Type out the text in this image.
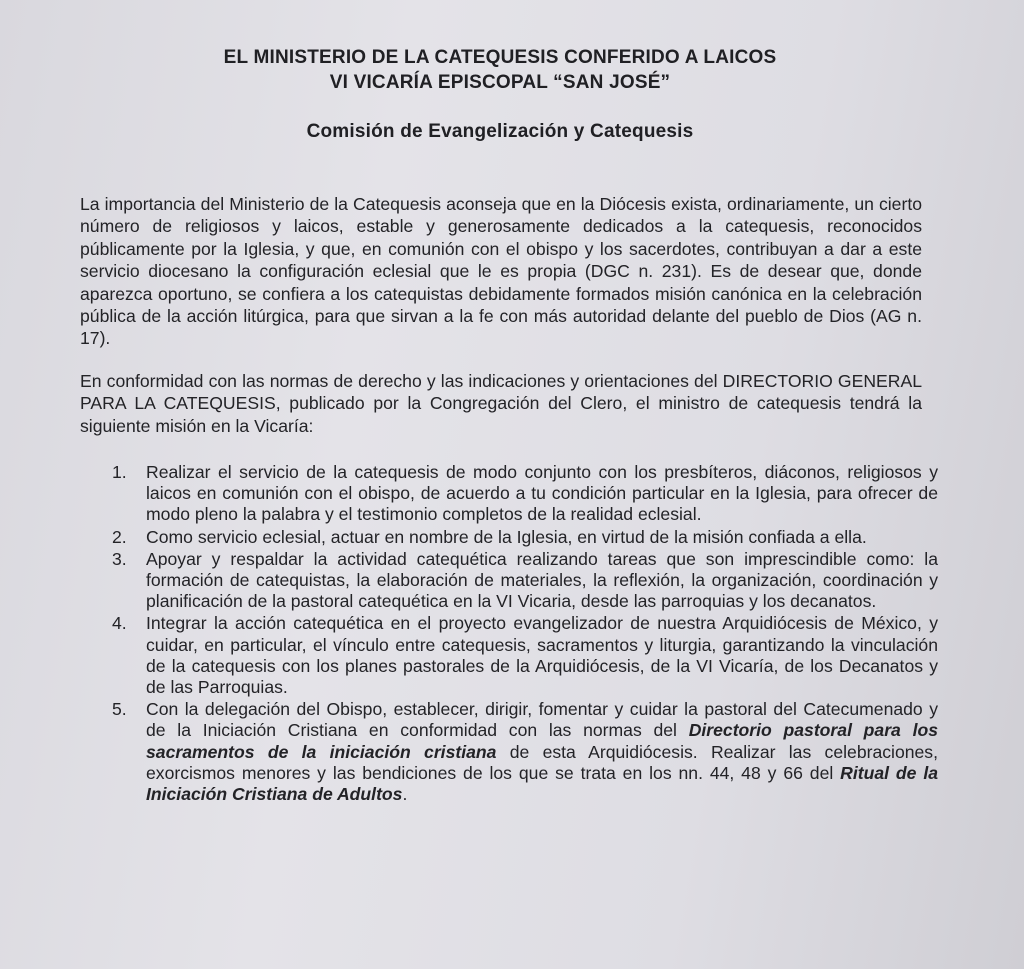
EL MINISTERIO DE LA CATEQUESIS CONFERIDO A LAICOS
VI VICARÍA EPISCOPAL “SAN JOSÉ”
Comisión de Evangelización y Catequesis
La importancia del Ministerio de la Catequesis aconseja que en la Diócesis exista, ordinariamente, un cierto número de religiosos y laicos, estable y generosamente dedicados a la catequesis, reconocidos públicamente por la Iglesia, y que, en comunión con el obispo y los sacerdotes, contribuyan a dar a este servicio diocesano la configuración eclesial que le es propia (DGC n. 231). Es de desear que, donde aparezca oportuno, se confiera a los catequistas debidamente formados misión canónica en la celebración pública de la acción litúrgica, para que sirvan a la fe con más autoridad delante del pueblo de Dios (AG n. 17).
En conformidad con las normas de derecho y las indicaciones y orientaciones del DIRECTORIO GENERAL PARA LA CATEQUESIS, publicado por la Congregación del Clero, el ministro de catequesis tendrá la siguiente misión en la Vicaría:
1. Realizar el servicio de la catequesis de modo conjunto con los presbíteros, diáconos, religiosos y laicos en comunión con el obispo, de acuerdo a tu condición particular en la Iglesia, para ofrecer de modo pleno la palabra y el testimonio completos de la realidad eclesial.
2. Como servicio eclesial, actuar en nombre de la Iglesia, en virtud de la misión confiada a ella.
3. Apoyar y respaldar la actividad catequética realizando tareas que son imprescindible como: la formación de catequistas, la elaboración de materiales, la reflexión, la organización, coordinación y planificación de la pastoral catequética en la VI Vicaria, desde las parroquias y los decanatos.
4. Integrar la acción catequética en el proyecto evangelizador de nuestra Arquidiócesis de México, y cuidar, en particular, el vínculo entre catequesis, sacramentos y liturgia, garantizando la vinculación de la catequesis con los planes pastorales de la Arquidiócesis, de la VI Vicaría, de los Decanatos y de las Parroquias.
5. Con la delegación del Obispo, establecer, dirigir, fomentar y cuidar la pastoral del Catecumenado y de la Iniciación Cristiana en conformidad con las normas del Directorio pastoral para los sacramentos de la iniciación cristiana de esta Arquidiócesis. Realizar las celebraciones, exorcismos menores y las bendiciones de los que se trata en los nn. 44, 48 y 66 del Ritual de la Iniciación Cristiana de Adultos.
